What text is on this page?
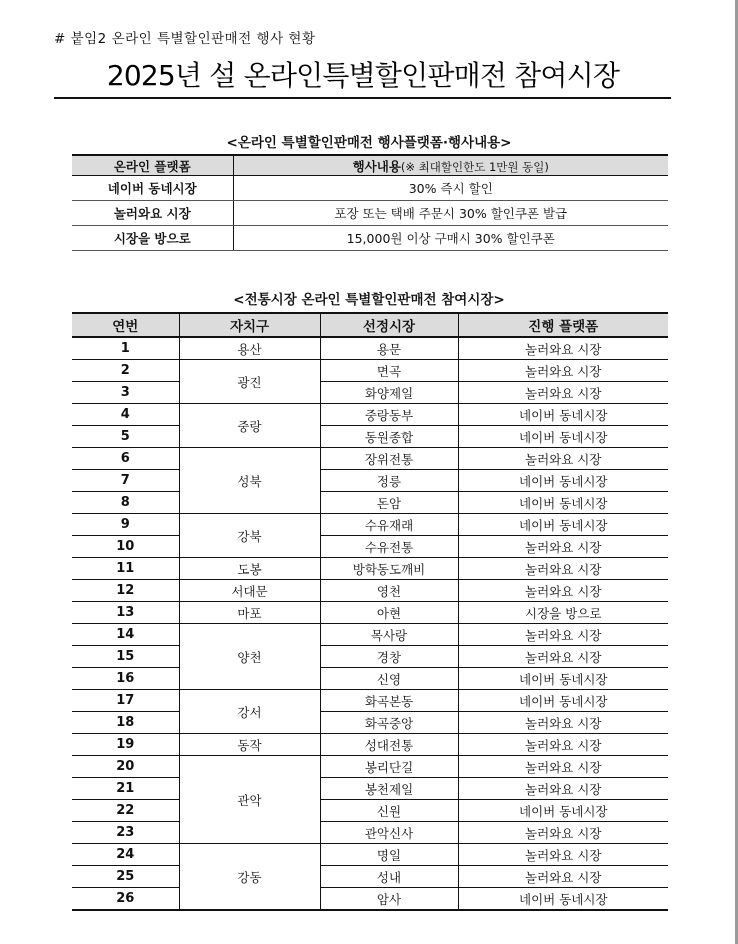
# 붙임2 온라인 특별할인판매전 행사 현황
2025년 설 온라인특별할인판매전 참여시장
<온라인 특별할인판매전 행사플랫폼·행사내용>
온라인 플랫폼	행사내용(※ 최대할인한도 1만원 동일)
네이버 동네시장	30% 즉시 할인
놀러와요 시장	포장 또는 택배 주문시 30% 할인쿠폰 발급
시장을 방으로	15,000원 이상 구매시 30% 할인쿠폰
<전통시장 온라인 특별할인판매전 참여시장>
연번	자치구	선정시장	진행 플랫폼
1	용산	용문	놀러와요 시장
2	광진	면곡	놀러와요 시장
3		화양제일	놀러와요 시장
4	중랑	중랑동부	네이버 동네시장
5		동원종합	네이버 동네시장
6	성북	장위전통	놀러와요 시장
7		정릉	네이버 동네시장
8		돈암	네이버 동네시장
9	강북	수유재래	네이버 동네시장
10		수유전통	놀러와요 시장
11	도봉	방학동도깨비	놀러와요 시장
12	서대문	영천	놀러와요 시장
13	마포	아현	시장을 방으로
14	양천	목사랑	놀러와요 시장
15		경창	놀러와요 시장
16		신영	네이버 동네시장
17	강서	화곡본동	네이버 동네시장
18		화곡중앙	놀러와요 시장
19	동작	성대전통	놀러와요 시장
20	관악	봉리단길	놀러와요 시장
21		봉천제일	놀러와요 시장
22		신원	네이버 동네시장
23		관악신사	놀러와요 시장
24	강동	명일	놀러와요 시장
25		성내	놀러와요 시장
26		암사	네이버 동네시장
